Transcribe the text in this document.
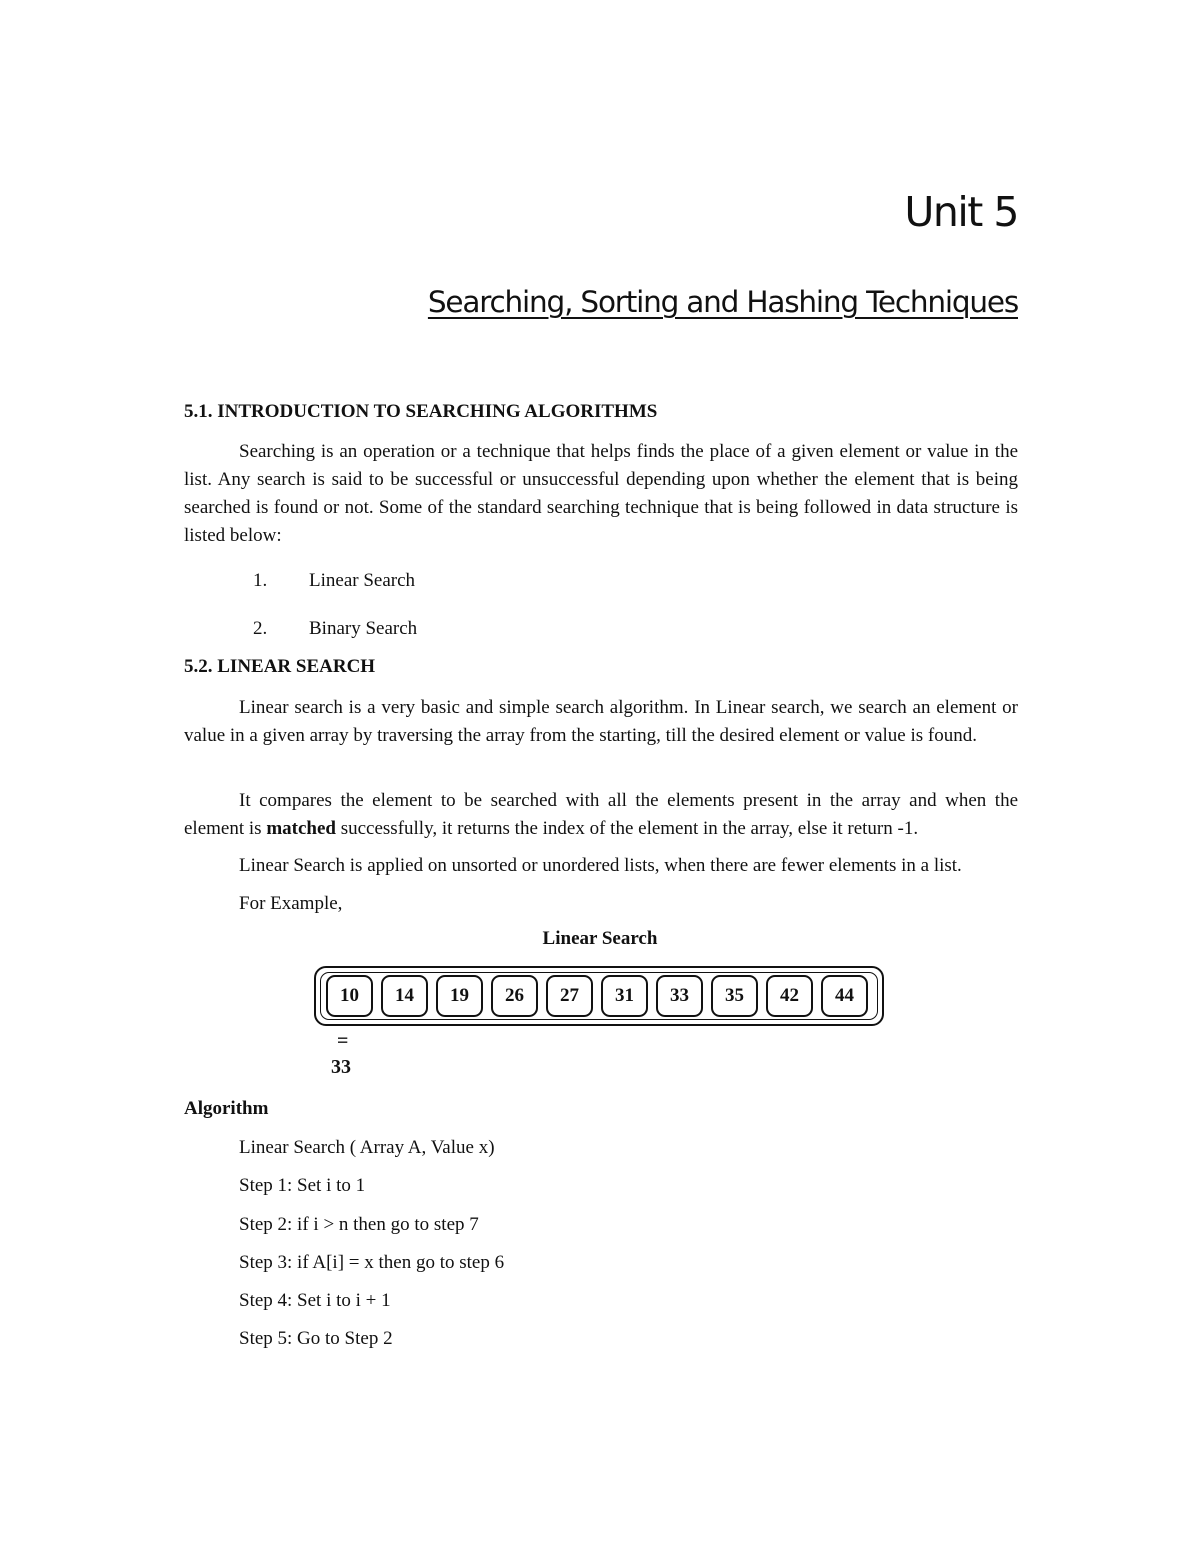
Unit 5
Searching, Sorting and Hashing Techniques
5.1. INTRODUCTION TO SEARCHING ALGORITHMS

Searching is an operation or a technique that helps finds the place of a given element or value in the list. Any search is said to be successful or unsuccessful depending upon whether the element that is being searched is found or not. Some of the standard searching technique that is being followed in data structure is listed below:

1. Linear Search
2. Binary Search
5.2. LINEAR SEARCH

Linear search is a very basic and simple search algorithm. In Linear search, we search an element or value in a given array by traversing the array from the starting, till the desired element or value is found.

It compares the element to be searched with all the elements present in the array and when the element is matched successfully, it returns the index of the element in the array, else it return -1.

Linear Search is applied on unsorted or unordered lists, when there are fewer elements in a list.

For Example,

Linear Search

10	14	19	26	27	31	33	35	42	44
=
33
Algorithm
Linear Search ( Array A, Value x)
Step 1: Set i to 1
Step 2: if i > n then go to step 7
Step 3: if A[i] = x then go to step 6
Step 4: Set i to i + 1
Step 5: Go to Step 2
